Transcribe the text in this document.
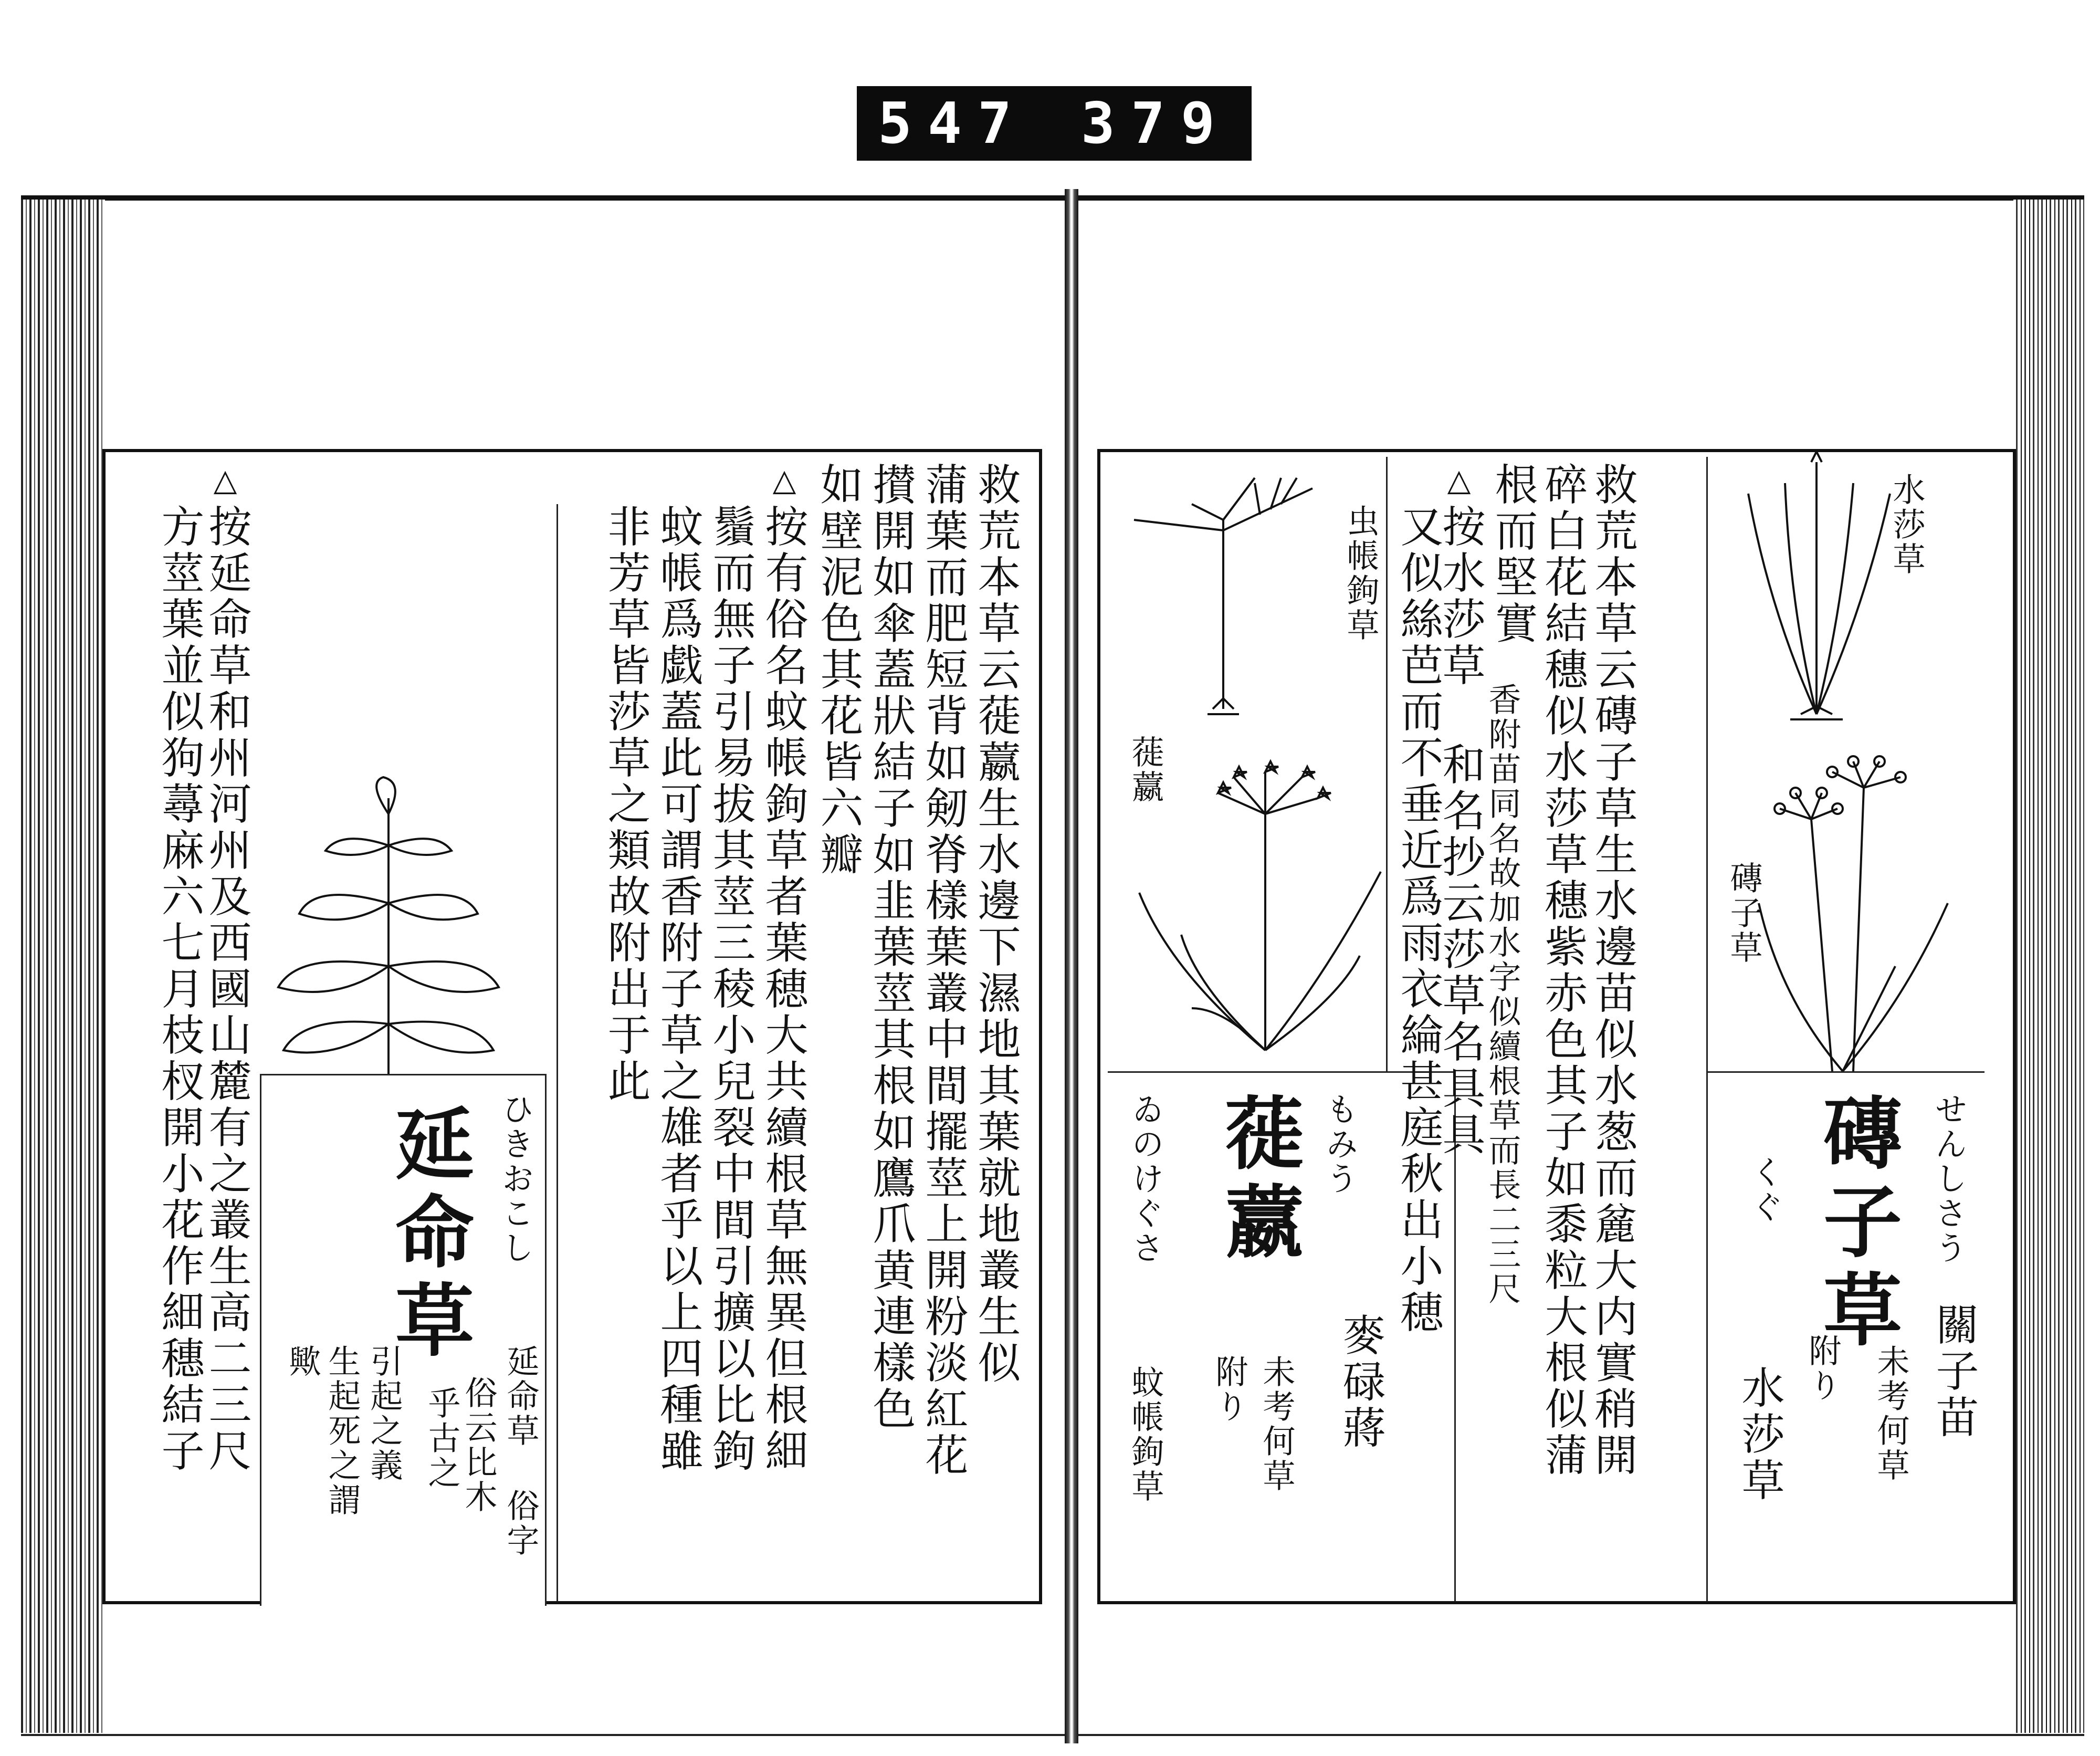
547 379
按延命草和州河州及西國山麓有之叢生高二三尺
方莖葉並似狗蕁麻六七月枝杈開小花作細穗結子
△
延命草 ひきおこし
延命草 俗字
俗云比木
乎古之
引起之義
生起死之謂
歟	救荒本草云蓰䕦生水邊下濕地其葉就地叢生似
蒲葉而肥短背如剱脊樣葉叢中間擺莖上開粉淡紅花
攅開如傘蓋狀結子如韭葉莖其根如鷹爪黄連樣色
如壁泥色其花皆六瓣
△
按有俗名蚊帳鉤草者葉穂大共續根草無異但根細
鬚而無子引易拔其莖三稜小兒裂中間引擴以比鉤
蚊帳爲戯蓋此可謂香附子草之雄者乎以上四種雖
非芳草皆莎草之類故附出于此	虫帳鉤草
蓰䕦
蓰䕦 もみう
ゐのけぐさ
麥碌蔣
未考何草
附り
蚊帳鉤草	救荒本草云磚子草生水邊苗似水葱而麄大内實稍開
碎白花結穗似水莎草穗紫赤色其子如黍粒大根似蒲
根而堅實
△
按水莎草 和名抄云莎草名具具
又似絲芭而不垂近爲雨衣綸甚庭秋出小穂 香附苗同名故加水字似續根草而長二三尺
水莎草
磚子草
磚子草 せんしさう
くぐ
關子苗
未考何草
附り
水莎草
